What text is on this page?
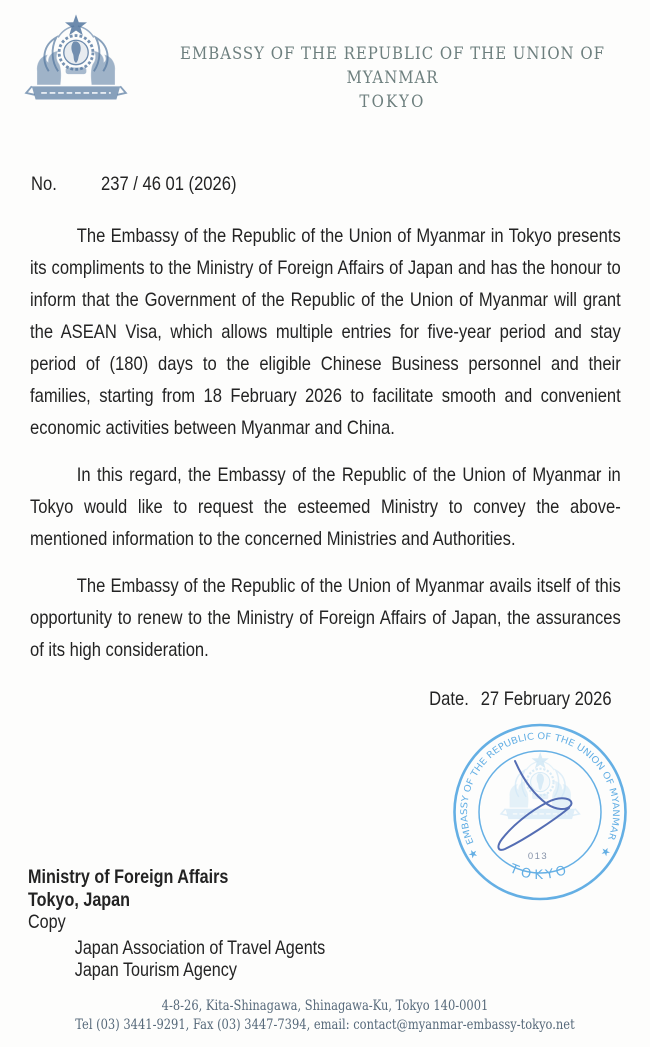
EMBASSY OF THE REPUBLIC OF THE UNION OF MYANMAR
TOKYO
No. 237 / 46 01 (2026)

The Embassy of the Republic of the Union of Myanmar in Tokyo presents its compliments to the Ministry of Foreign Affairs of Japan and has the honour to inform that the Government of the Republic of the Union of Myanmar will grant the ASEAN Visa, which allows multiple entries for five-year period and stay period of (180) days to the eligible Chinese Business personnel and their families, starting from 18 February 2026 to facilitate smooth and convenient economic activities between Myanmar and China.

In this regard, the Embassy of the Republic of the Union of Myanmar in Tokyo would like to request the esteemed Ministry to convey the above-mentioned information to the concerned Ministries and Authorities.

The Embassy of the Republic of the Union of Myanmar avails itself of this opportunity to renew to the Ministry of Foreign Affairs of Japan, the assurances of its high consideration.

Date. 27 February 2026
EMBASSY OF THE REPUBLIC OF THE UNION OF MYANMAR
★	★
TOKYO
013
Ministry of Foreign Affairs
Tokyo, Japan
Copy
Japan Association of Travel Agents
Japan Tourism Agency
4-8-26, Kita-Shinagawa, Shinagawa-Ku, Tokyo 140-0001
Tel (03) 3441-9291, Fax (03) 3447-7394, email: contact@myanmar-embassy-tokyo.net
